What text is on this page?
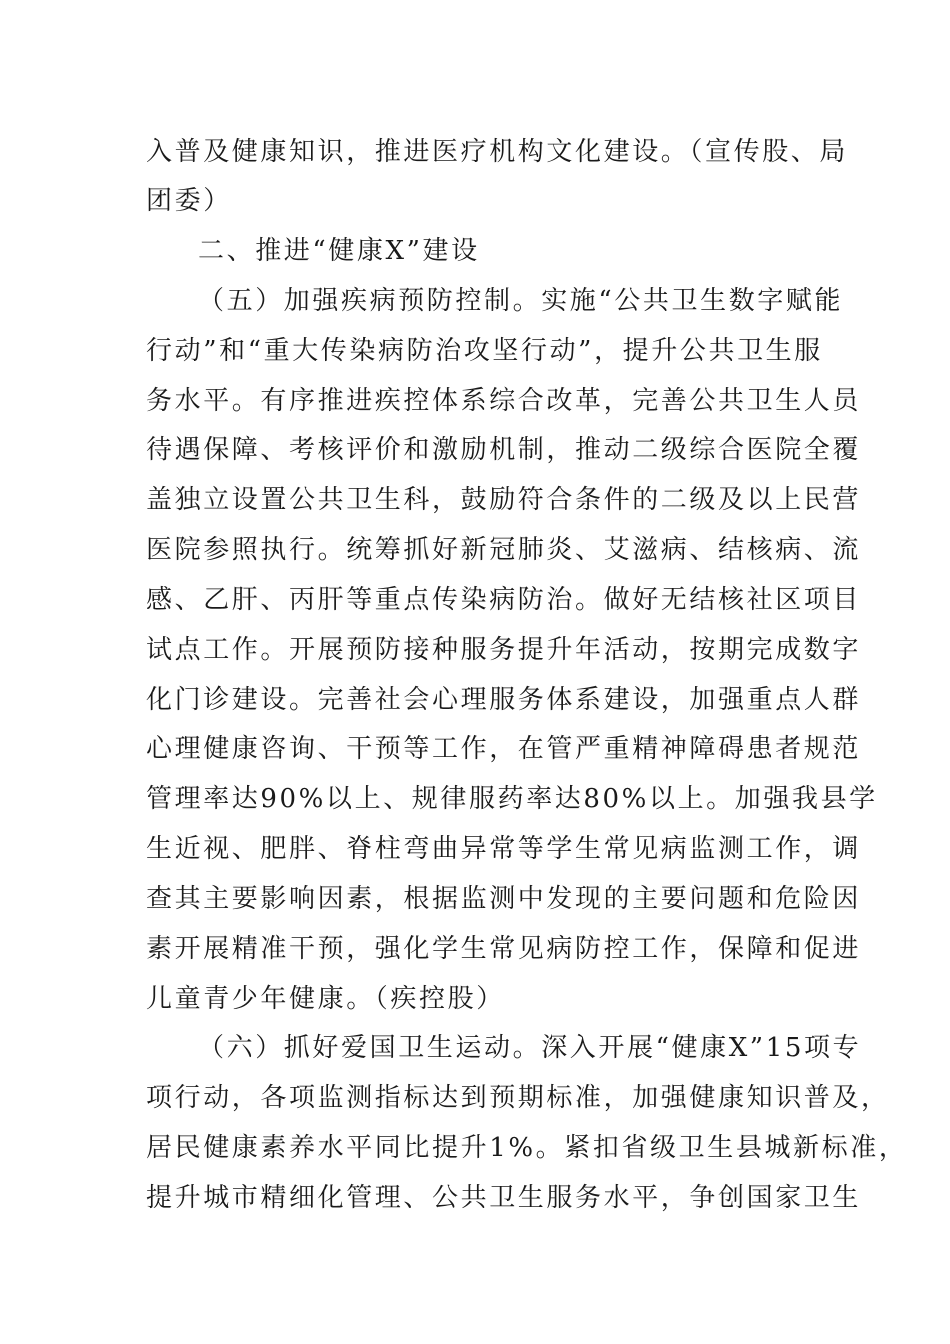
入普及健康知识，推进医疗机构文化建设。（宣传股、局
团委）
二、推进“健康X”建设
（五）加强疾病预防控制。实施“公共卫生数字赋能
行动”和“重大传染病防治攻坚行动”，提升公共卫生服
务水平。有序推进疾控体系综合改革，完善公共卫生人员
待遇保障、考核评价和激励机制，推动二级综合医院全覆
盖独立设置公共卫生科，鼓励符合条件的二级及以上民营
医院参照执行。统筹抓好新冠肺炎、艾滋病、结核病、流
感、乙肝、丙肝等重点传染病防治。做好无结核社区项目
试点工作。开展预防接种服务提升年活动，按期完成数字
化门诊建设。完善社会心理服务体系建设，加强重点人群
心理健康咨询、干预等工作，在管严重精神障碍患者规范
管理率达90%以上、规律服药率达80%以上。加强我县学
生近视、肥胖、脊柱弯曲异常等学生常见病监测工作，调
查其主要影响因素，根据监测中发现的主要问题和危险因
素开展精准干预，强化学生常见病防控工作，保障和促进
儿童青少年健康。（疾控股）
（六）抓好爱国卫生运动。深入开展“健康X”15项专
项行动，各项监测指标达到预期标准，加强健康知识普及，
居民健康素养水平同比提升1%。紧扣省级卫生县城新标准，
提升城市精细化管理、公共卫生服务水平，争创国家卫生
